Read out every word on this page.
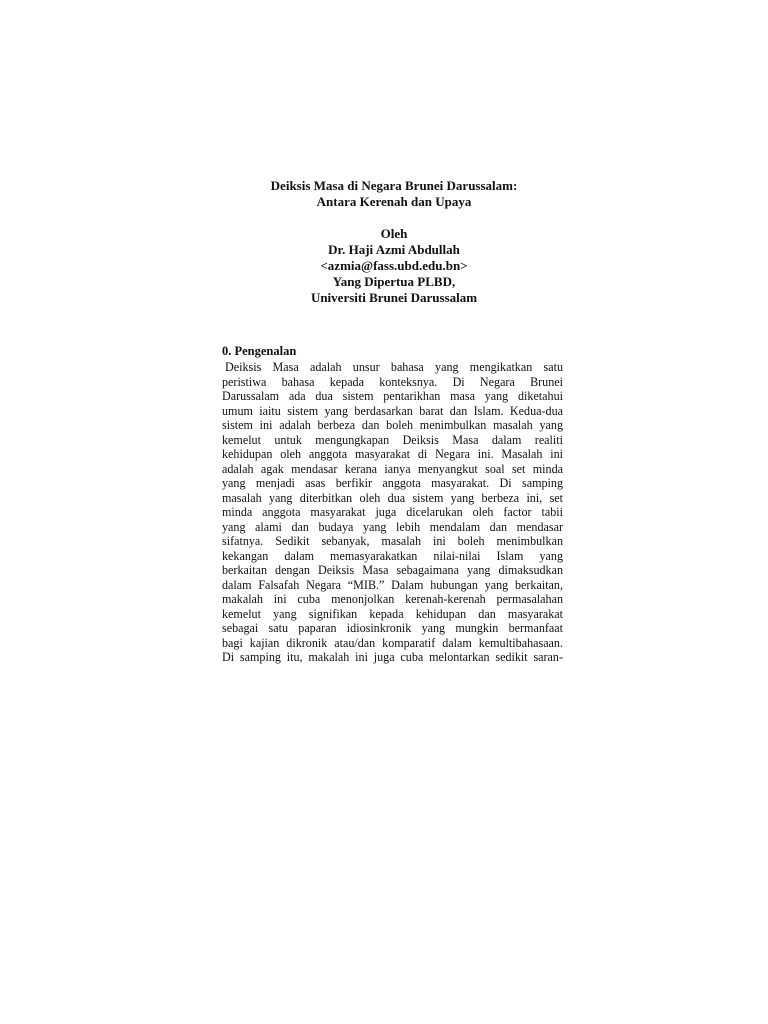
Deiksis Masa di Negara Brunei Darussalam:
Antara Kerenah dan Upaya
Oleh
Dr. Haji Azmi Abdullah
<azmia@fass.ubd.edu.bn>
Yang Dipertua PLBD,
Universiti Brunei Darussalam
0. Pengenalan
Deiksis Masa adalah unsur bahasa yang mengikatkan satu
peristiwa bahasa kepada konteksnya. Di Negara Brunei
Darussalam ada dua sistem pentarikhan masa yang diketahui
umum iaitu sistem yang berdasarkan barat dan Islam. Kedua-dua
sistem ini adalah berbeza dan boleh menimbulkan masalah yang
kemelut untuk mengungkapan Deiksis Masa dalam realiti
kehidupan oleh anggota masyarakat di Negara ini. Masalah ini
adalah agak mendasar kerana ianya menyangkut soal set minda
yang menjadi asas berfikir anggota masyarakat. Di samping
masalah yang diterbitkan oleh dua sistem yang berbeza ini, set
minda anggota masyarakat juga dicelarukan oleh factor tabii
yang alami dan budaya yang lebih mendalam dan mendasar
sifatnya. Sedikit sebanyak, masalah ini boleh menimbulkan
kekangan dalam memasyarakatkan nilai-nilai Islam yang
berkaitan dengan Deiksis Masa sebagaimana yang dimaksudkan
dalam Falsafah Negara “MIB.” Dalam hubungan yang berkaitan,
makalah ini cuba menonjolkan kerenah-kerenah permasalahan
kemelut yang signifikan kepada kehidupan dan masyarakat
sebagai satu paparan idiosinkronik yang mungkin bermanfaat
bagi kajian dikronik atau/dan komparatif dalam kemultibahasaan.
Di samping itu, makalah ini juga cuba melontarkan sedikit saran-
